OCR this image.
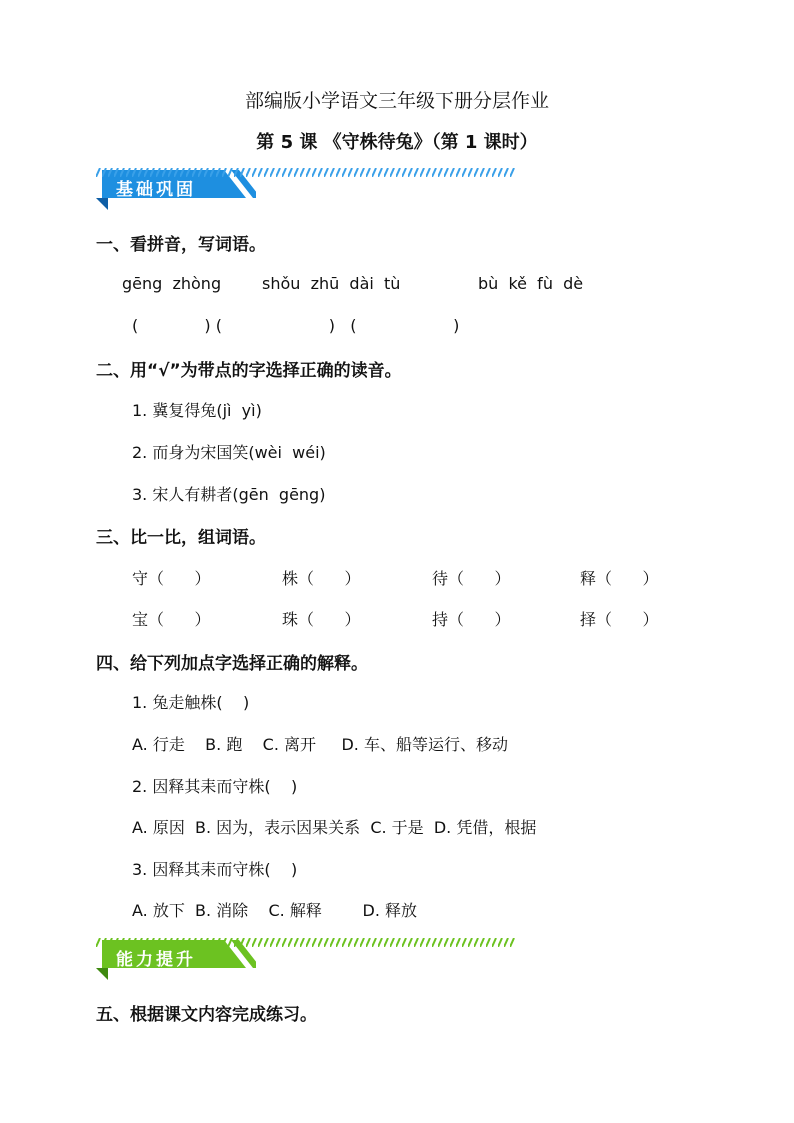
部编版小学语文三年级下册分层作业
第 5 课 《守株待兔》（第 1 课时）
基础巩固
一、看拼音，写词语。
gēng  zhòng	shǒu  zhū  dài  tù	bù  kě  fù  dè
(             ) (                     )   (                   )
二、用“√”为带点的字选择正确的读音。
1. 冀复得兔(jì  yì)
2. 而身为宋国笑(wèi  wéi)
3. 宋人有耕者(gēn  gēng)
三、比一比，组词语。
守（      ）	株（      ）	待（      ）	释（      ）
宝（      ）	珠（      ）	持（      ）	择（      ）
四、给下列加点字选择正确的解释。
1. 兔走触株(    )
A. 行走    B. 跑    C. 离开     D. 车、船等运行、移动
2. 因释其耒而守株(    )
A. 原因  B. 因为，表示因果关系  C. 于是  D. 凭借，根据
3. 因释其耒而守株(    )
A. 放下  B. 消除    C. 解释        D. 释放
能力提升
五、根据课文内容完成练习。
